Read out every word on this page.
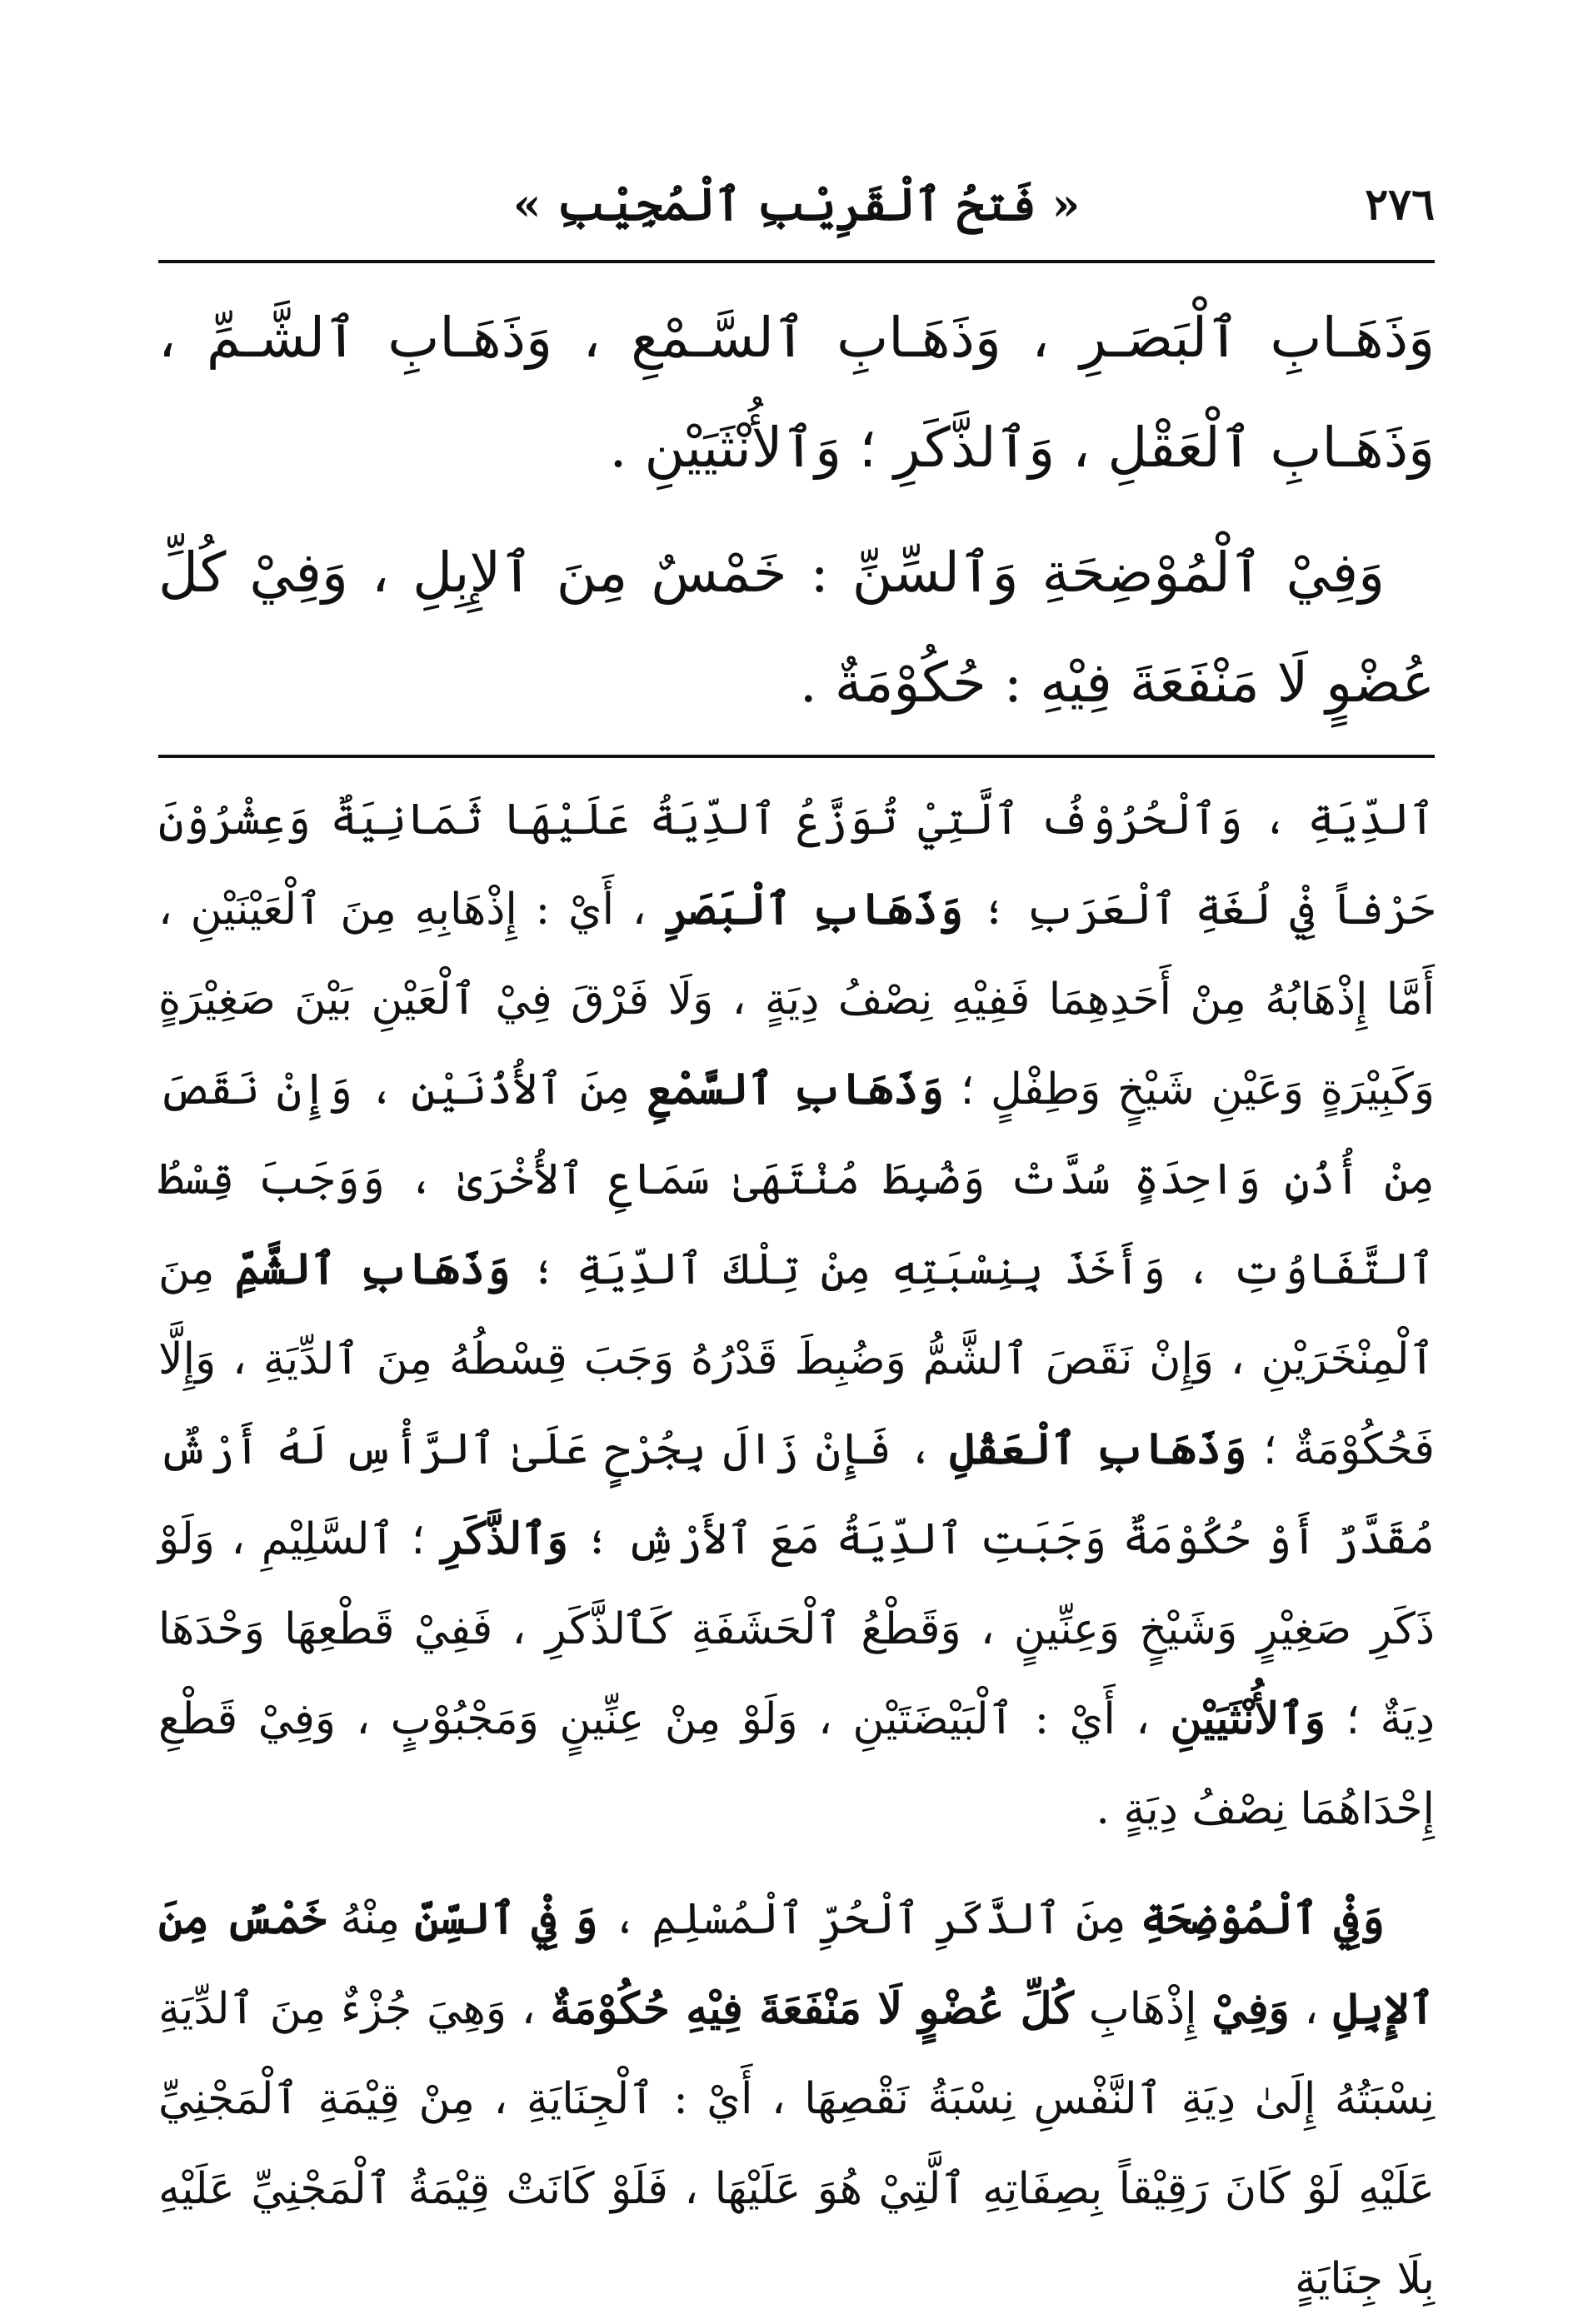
٢٧٦
« فَتحُ ٱلْقَرِيْبِ ٱلْمُجِيْبِ »

وَذَهَـابِ ٱلْبَصَـرِ ، وَذَهَـابِ ٱلسَّـمْعِ ، وَذَهَـابِ ٱلشَّـمِّ ، وَذَهَـابِ ٱلْعَقْلِ ، وَٱلذَّكَرِ ؛ وَٱلأُنْثَيَيْنِ .

وَفِيْ ٱلْمُوْضِحَةِ وَٱلسِّنِّ : خَمْسٌ مِنَ ٱلإِبِلِ ، وَفِيْ كُلِّ عُضْوٍ لَا مَنْفَعَةَ فِيْهِ : حُكُوْمَةٌ .

ٱلدِّيَةِ ، وَٱلْحُرُوْفُ ٱلَّتِيْ تُوَزَّعُ ٱلدِّيَةُ عَلَيْهَا ثَمَانِيَةٌ وَعِشْرُوْنَ حَرْفاً فِيْ لُغَةِ ٱلْعَرَبِ ؛ وَذَهَابِ ٱلْبَصَرِ ، أَيْ : إِذْهَابِهِ مِنَ ٱلْعَيْنَيْنِ ، أَمَّا إِذْهَابُهُ مِنْ أَحَدِهِمَا فَفِيْهِ نِصْفُ دِيَةٍ ، وَلَا فَرْقَ فِيْ ٱلْعَيْنِ بَيْنَ صَغِيْرَةٍ وَكَبِيْرَةٍ وَعَيْنِ شَيْخٍ وَطِفْلٍ ؛ وَذَهَابِ ٱلسَّمْعِ مِنَ ٱلأُذُنَيْنِ ، وَإِنْ نَقَصَ مِنْ أُذُنٍ وَاحِدَةٍ سُدَّتْ وَضُبِطَ مُنْتَهَىٰ سَمَاعِ ٱلأُخْرَىٰ ، وَوَجَبَ قِسْطُ ٱلتَّفَاوُتِ ، وَأَخَذَ بِنِسْبَتِهِ مِنْ تِلْكَ ٱلدِّيَةِ ؛ وَذَهَابِ ٱلشَّمِّ مِنَ ٱلْمِنْخَرَيْنِ ، وَإِنْ نَقَصَ ٱلشَّمُّ وَضُبِطَ قَدْرُهُ وَجَبَ قِسْطُهُ مِنَ ٱلدِّيَةِ ، وَإِلَّا فَحُكُوْمَةٌ ؛ وَذَهَابِ ٱلْعَقْلِ ، فَإِنْ زَالَ بِجُرْحٍ عَلَىٰ ٱلرَّأْسِ لَهُ أَرْشٌ مُقَدَّرٌ أَوْ حُكُوْمَةٌ وَجَبَتِ ٱلدِّيَةُ مَعَ ٱلأَرْشِ ؛ وَٱلذَّكَرِ ؛ ٱلسَّلِيْمِ ، وَلَوْ ذَكَرِ صَغِيْرٍ وَشَيْخٍ وَعِنِّينٍ ، وَقَطْعُ ٱلْحَشَفَةِ كَٱلذَّكَرِ ، فَفِيْ قَطْعِهَا وَحْدَهَا دِيَةٌ ؛ وَٱلأُنْثَيَيْنِ ، أَيْ : ٱلْبَيْضَتَيْنِ ، وَلَوْ مِنْ عِنِّينٍ وَمَجْبُوْبٍ ، وَفِيْ قَطْعِ إِحْدَاهُمَا نِصْفُ دِيَةٍ .

وَفِيْ ٱلْمُوْضِحَةِ مِنَ ٱلذَّكَرِ ٱلْحُرِّ ٱلْمُسْلِمِ ، وَ فِيْ ٱلسِّنِّ مِنْهُ خَمْسٌ مِنَ ٱلإِبِلِ ، وَفِيْ إِذْهَابِ كُلِّ عُضْوٍ لَا مَنْفَعَةَ فِيْهِ حُكُوْمَةٌ ، وَهِيَ جُزْءٌ مِنَ ٱلدِّيَةِ نِسْبَتُهُ إِلَىٰ دِيَةِ ٱلنَّفْسِ نِسْبَةُ نَقْصِهَا ، أَيْ : ٱلْجِنَايَةِ ، مِنْ قِيْمَةِ ٱلْمَجْنِيِّ عَلَيْهِ لَوْ كَانَ رَقِيْقاً بِصِفَاتِهِ ٱلَّتِيْ هُوَ عَلَيْهَا ، فَلَوْ كَانَتْ قِيْمَةُ ٱلْمَجْنِيِّ عَلَيْهِ بِلَا جِنَايَةٍ
